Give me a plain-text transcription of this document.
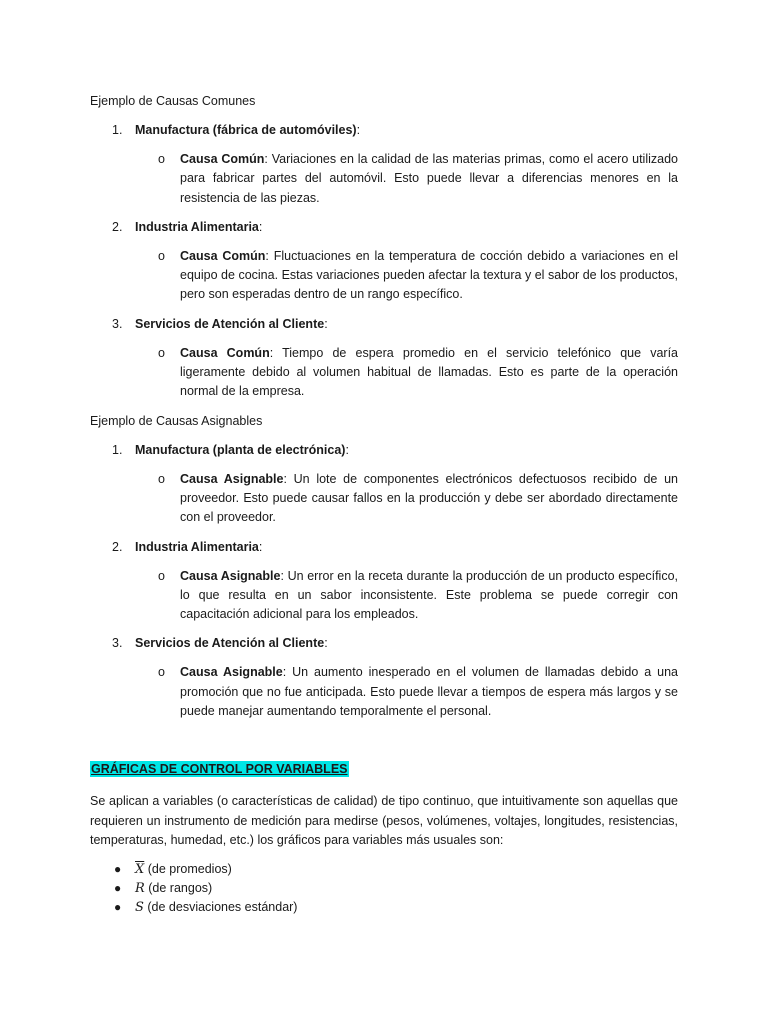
Ejemplo de Causas Comunes
1. Manufactura (fábrica de automóviles):
o Causa Común: Variaciones en la calidad de las materias primas, como el acero utilizado para fabricar partes del automóvil. Esto puede llevar a diferencias menores en la resistencia de las piezas.
2. Industria Alimentaria:
o Causa Común: Fluctuaciones en la temperatura de cocción debido a variaciones en el equipo de cocina. Estas variaciones pueden afectar la textura y el sabor de los productos, pero son esperadas dentro de un rango específico.
3. Servicios de Atención al Cliente:
o Causa Común: Tiempo de espera promedio en el servicio telefónico que varía ligeramente debido al volumen habitual de llamadas. Esto es parte de la operación normal de la empresa.
Ejemplo de Causas Asignables
1. Manufactura (planta de electrónica):
o Causa Asignable: Un lote de componentes electrónicos defectuosos recibido de un proveedor. Esto puede causar fallos en la producción y debe ser abordado directamente con el proveedor.
2. Industria Alimentaria:
o Causa Asignable: Un error en la receta durante la producción de un producto específico, lo que resulta en un sabor inconsistente. Este problema se puede corregir con capacitación adicional para los empleados.
3. Servicios de Atención al Cliente:
o Causa Asignable: Un aumento inesperado en el volumen de llamadas debido a una promoción que no fue anticipada. Esto puede llevar a tiempos de espera más largos y se puede manejar aumentando temporalmente el personal.
GRÁFICAS DE CONTROL POR VARIABLES
Se aplican a variables (o características de calidad) de tipo continuo, que intuitivamente son aquellas que requieren un instrumento de medición para medirse (pesos, volúmenes, voltajes, longitudes, resistencias, temperaturas, humedad, etc.) los gráficos para variables más usuales son:
● $\overline{X}$ (de promedios)
● R (de rangos)
● S (de desviaciones estándar)
